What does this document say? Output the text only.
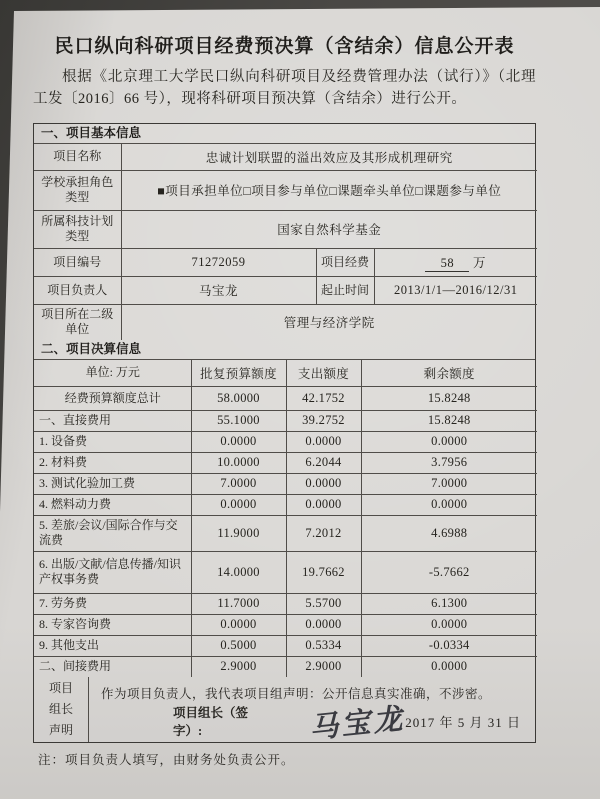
民口纵向科研项目经费预决算（含结余）信息公开表
根据《北京理工大学民口纵向科研项目及经费管理办法（试行）》（北理工发〔2016〕66 号），现将科研项目预决算（含结余）进行公开。
一、项目基本信息
项目名称	忠诚计划联盟的溢出效应及其形成机理研究		
学校承担角色类型	■项目承担单位□项目参与单位□课题牵头单位□课题参与单位		
所属科技计划类型	国家自然科学基金		
项目编号	71272059	项目经费	58 万
项目负责人	马宝龙	起止时间	2013/1/1—2016/12/31
项目所在二级单位	管理与经济学院		
二、项目决算信息
单位: 万元	批复预算额度	支出额度	剩余额度
经费预算额度总计	58.0000	42.1752	15.8248
一、直接费用	55.1000	39.2752	15.8248
1. 设备费	0.0000	0.0000	0.0000
2. 材料费	10.0000	6.2044	3.7956
3. 测试化验加工费	7.0000	0.0000	7.0000
4. 燃料动力费	0.0000	0.0000	0.0000
5. 差旅/会议/国际合作与交流费	11.9000	7.2012	4.6988
6. 出版/文献/信息传播/知识产权事务费	14.0000	19.7662	-5.7662
7. 劳务费	11.7000	5.5700	6.1300
8. 专家咨询费	0.0000	0.0000	0.0000
9. 其他支出	0.5000	0.5334	-0.0334
二、间接费用	2.9000	2.9000	0.0000
项目组长声明
作为项目负责人，我代表项目组声明：公开信息真实准确，不涉密。
项目组长（签字）:	马宝龙
2017 年 5 月 31 日
注：项目负责人填写，由财务处负责公开。
